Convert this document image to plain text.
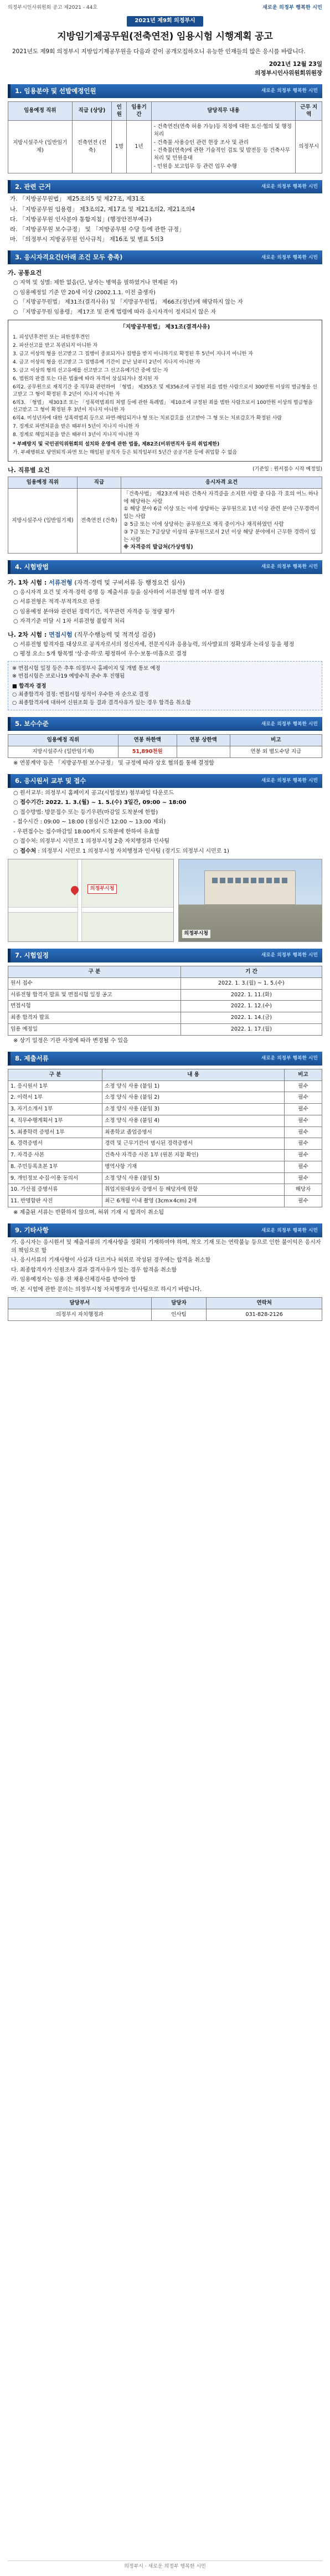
의정부시인사위원회 공고 제2021 - 44호	새로운 의정부 행복한 시민
2021년 제9회 의정부시
지방임기제공무원(전축연전) 임용시험 시행계획 공고

2021년도 제9회 의정부시 지방임기제공무원을 다음과 같이 공개모집하오니 유능한 인재들의 많은 응시를 바랍니다.

2021년 12월 23일
의정부시인사위원회위원장
1. 임용분야 및 선발예정인원	새로운 의정부 행복한 시민
임용예정 직위	직급 (상당)	인원	임용기간	담당직무 내용	근무 지역
지방시설주사 (일반임기제)	전축연전 (전축)	1명	1년	- 건축연전(연축 허용 가능)등 적정에 대한 토신·협의 및 행정 처리

- 건축물 사용승인 관련 현장 조사 및 관리

- 건축물(연축)에 관한 기술적인 검토 및 발전등 등 건축사무 처리 및 민원응대

- 민원응 보고업무 등 관련 업무 수행	의정부시
2. 관련 근거	새로운 의정부 행복한 시민

가. 「지방공무원법」 제25조의5 및 제27조, 제31조

나. 「지방공무원 임용령」 제3조의2, 제17조 및 제21조의2, 제21조의4

다. 「지방공무원 인사분야 통합지침」(행정안전부예규)

라. 「지방공무원 보수규정」 및 「지방공무원 수당 등에 관한 규정」

마. 「의정부시 지방공무원 인사규칙」 제16조 및 별표 5의3

3. 응시자격요건(아래 조건 모두 충족)	새로운 의정부 행복한 시민
가. 공통요건

○ 지역 및 성별: 제한 없음(단, 남자는 병역을 필하였거나 면제된 자)

○ 임용예정일 기준 만 20세 이상 (2002.1.1. 이전 출생자)

○ 「지방공무원법」 제31조(결격사유) 및 「지방공무원법」 제66조(정년)에 해당하지 않는 자

○ 「지방공무원 임용령」 제17조 및 관계 법령에 따라 응시자격이 정지되지 않은 자

「지방공무원법」 제31조(결격사유)

1. 피성년후견인 또는 피한정후견인

2. 파산선고를 받고 복권되지 아니한 자

3. 금고 이상의 형을 선고받고 그 집행이 종료되거나 집행을 받지 아니하기로 확정된 후 5년이 지나지 아니한 자

4. 금고 이상의 형을 선고받고 그 집행유예 기간이 끝난 날부터 2년이 지나지 아니한 자

5. 금고 이상의 형의 선고유예를 선고받고 그 선고유예기간 중에 있는 자

6. 법원의 판결 또는 다른 법률에 따라 자격이 상실되거나 정지된 자

6의2. 공무원으로 재직기간 중 직무와 관련하여 「형법」 제355조 및 제356조에 규정된 죄를 범한 사람으로서 300만원 이상의 벌금형을 선고받고 그 형이 확정된 후 2년이 지나지 아니한 자

6의3. 「형법」 제303조 또는 「성폭력범죄의 처벌 등에 관한 특례법」 제10조에 규정된 죄를 범한 사람으로서 100만원 이상의 벌금형을 선고받고 그 형이 확정된 후 3년이 지나지 아니한 자

6의4. 미성년자에 대한 성폭력범죄 등으로 파면·해임되거나 형 또는 치료감호를 선고받아 그 형 또는 치료감호가 확정된 사람

7. 징계로 파면처분을 받은 때부터 5년이 지나지 아니한 자

8. 징계로 해임처분을 받은 때부터 3년이 지나지 아니한 자

* 부패방지 및 국민권익위원회의 설치와 운영에 관한 법률, 제82조(비위면직자 등의 취업제한)

가. 부패행위로 당연퇴직·파면 또는 해임된 공직자 등은 퇴직일부터 5년간 공공기관 등에 취업할 수 없음

나. 직류별 요건	(기준일 : 원서접수 시작 예정일)
임용예정 직위	직급	응시자격 요건
지방시설주사 (일반임기제)	전축연전 (건축)	「건축사법」 제23조에 따른 건축사 자격증을 소지한 사람 중 다음 각 호의 어느 하나에 해당하는 사람

① 해당 분야 6급 이상 또는 이에 상당하는 공무원으로 1년 이상 관련 분야 근무경력이 있는 사람

② 5급 또는 이에 상당하는 공무원으로 재직 중이거나 재직하였던 사람

③ 7급 또는 7급상당 이상의 공무원으로서 2년 이상 해당 분야에서 근무한 경력이 있는 사람

※ 자격증의 발급처(가상명칭)

4. 시험방법	새로운 의정부 행복한 시민
가. 1차 시험 : 서류전형 (자격·경력 및 구비서류 등 행정요건 심사)

○ 응시자격 요건 및 자격·경력 증명 등 제출서류 등을 심사하여 서류전형 합격 여부 결정

○ 서류전형은 적격·부적격으로 판정

○ 임용예정 분야와 관련된 경력기간, 직무관련 자격증 등 정량 평가

○ 자격기준 미달 시 1차 서류전형 불합격 처리

나. 2차 시험 : 면접시험 (직무수행능력 및 적격성 검증)

○ 서류전형 합격자를 대상으로 공직자로서의 정신자세, 전문지식과 응용능력, 의사발표의 정확성과 논리성 등을 평정

○ 평정 요소: 5개 항목별 '상·중·하'로 평정하여 우수·보통·미흡으로 결정

※ 면접시험 일정 등은 추후 의정부시 홈페이지 및 개별 통보 예정

※ 면접시험은 코로나19 예방수칙 준수 후 진행됨

■ 합격자 결정

○ 최종합격자 결정: 면접시험 성적이 우수한 자 순으로 결정

○ 최종합격자에 대하여 신원조회 등 결과 결격사유가 있는 경우 합격을 취소함

5. 보수수준	새로운 의정부 행복한 시민
임용예정 직위	연봉 하한액	연봉 상한액	비고
지방시설주사 (일반임기제)	51,890천원		연봉 외 별도수당 지급

※ 연봉계약 등은 「지방공무원 보수규정」 및 규정에 따라 상호 협의를 통해 결정함

6. 응시원서 교부 및 접수	새로운 의정부 행복한 시민

○ 원서교부: 의정부시 홈페이지 공고(시험정보) 첨부파일 다운로드

○ 접수기간: 2022. 1. 3.(월) ~ 1. 5.(수) 3일간, 09:00 ~ 18:00

○ 접수방법: 방문접수 또는 등기우편(마감일 도착분에 한함)

- 접수시간 : 09:00 ~ 18:00 (점심시간 12:00 ~ 13:00 제외)

- 우편접수는 접수마감일 18:00까지 도착분에 한하여 유효함

○ 접수처: 의정부시 시민로 1 의정부시청 2층 자치행정과 인사팀

○ 접수처 : 의정부시 시민로 1 의정부시청 자치행정과 인사팀 (경기도 의정부시 시민로 1)

의정부시청
의정부시청
7. 시험일정	새로운 의정부 행복한 시민
구 분	기 간
원서 접수	2022. 1. 3.(월) ~ 1. 5.(수)
서류전형 합격자 발표 및 면접시험 일정 공고	2022. 1. 11.(화)
면접시험	2022. 1. 12.(수)
최종 합격자 발표	2022. 1. 14.(금)
임용 예정일	2022. 1. 17.(월)

※ 상기 일정은 기관 사정에 따라 변경될 수 있음

8. 제출서류	새로운 의정부 행복한 시민
구 분	내 용	비고
1. 응시원서 1부	소정 양식 사용 (붙임 1)	필수
2. 이력서 1부	소정 양식 사용 (붙임 2)	필수
3. 자기소개서 1부	소정 양식 사용 (붙임 3)	필수
4. 직무수행계획서 1부	소정 양식 사용 (붙임 4)	필수
5. 최종학력 증명서 1부	최종학교 졸업증명서	필수
6. 경력증명서	경력 및 근무기간이 명시된 경력증명서	필수
7. 자격증 사본	건축사 자격증 사본 1부 (원본 지참 확인)	필수
8. 주민등록초본 1부	병역사항 기재	필수
9. 개인정보 수집·이용 동의서	소정 양식 사용 (붙임 5)	필수
10. 가산점 증명서류	취업지원대상자 증명서 등 해당자에 한함	해당자
11. 반명함판 사진	최근 6개월 이내 촬영 (3cm×4cm) 2매	필수

※ 제출된 서류는 반환하지 않으며, 허위 기재 시 합격이 취소됨

9. 기타사항	새로운 의정부 행복한 시민

가. 응시자는 응시원서 및 제출서류의 기재사항을 정확히 기재하여야 하며, 착오 기재 또는 연락불능 등으로 인한 불이익은 응시자의 책임으로 함

나. 응시서류의 기재사항이 사실과 다르거나 허위로 작성된 경우에는 합격을 취소함

다. 최종합격자가 신원조사 결과 결격사유가 있는 경우 합격을 취소함

라. 임용예정자는 임용 전 채용신체검사를 받아야 함

마. 본 시험에 관한 문의는 의정부시청 자치행정과 인사팀으로 하시기 바랍니다.

담당부서	담당자	연락처
의정부시 자치행정과	인사팀	031-828-2126
의정부시 · 새로운 의정부 행복한 시민
